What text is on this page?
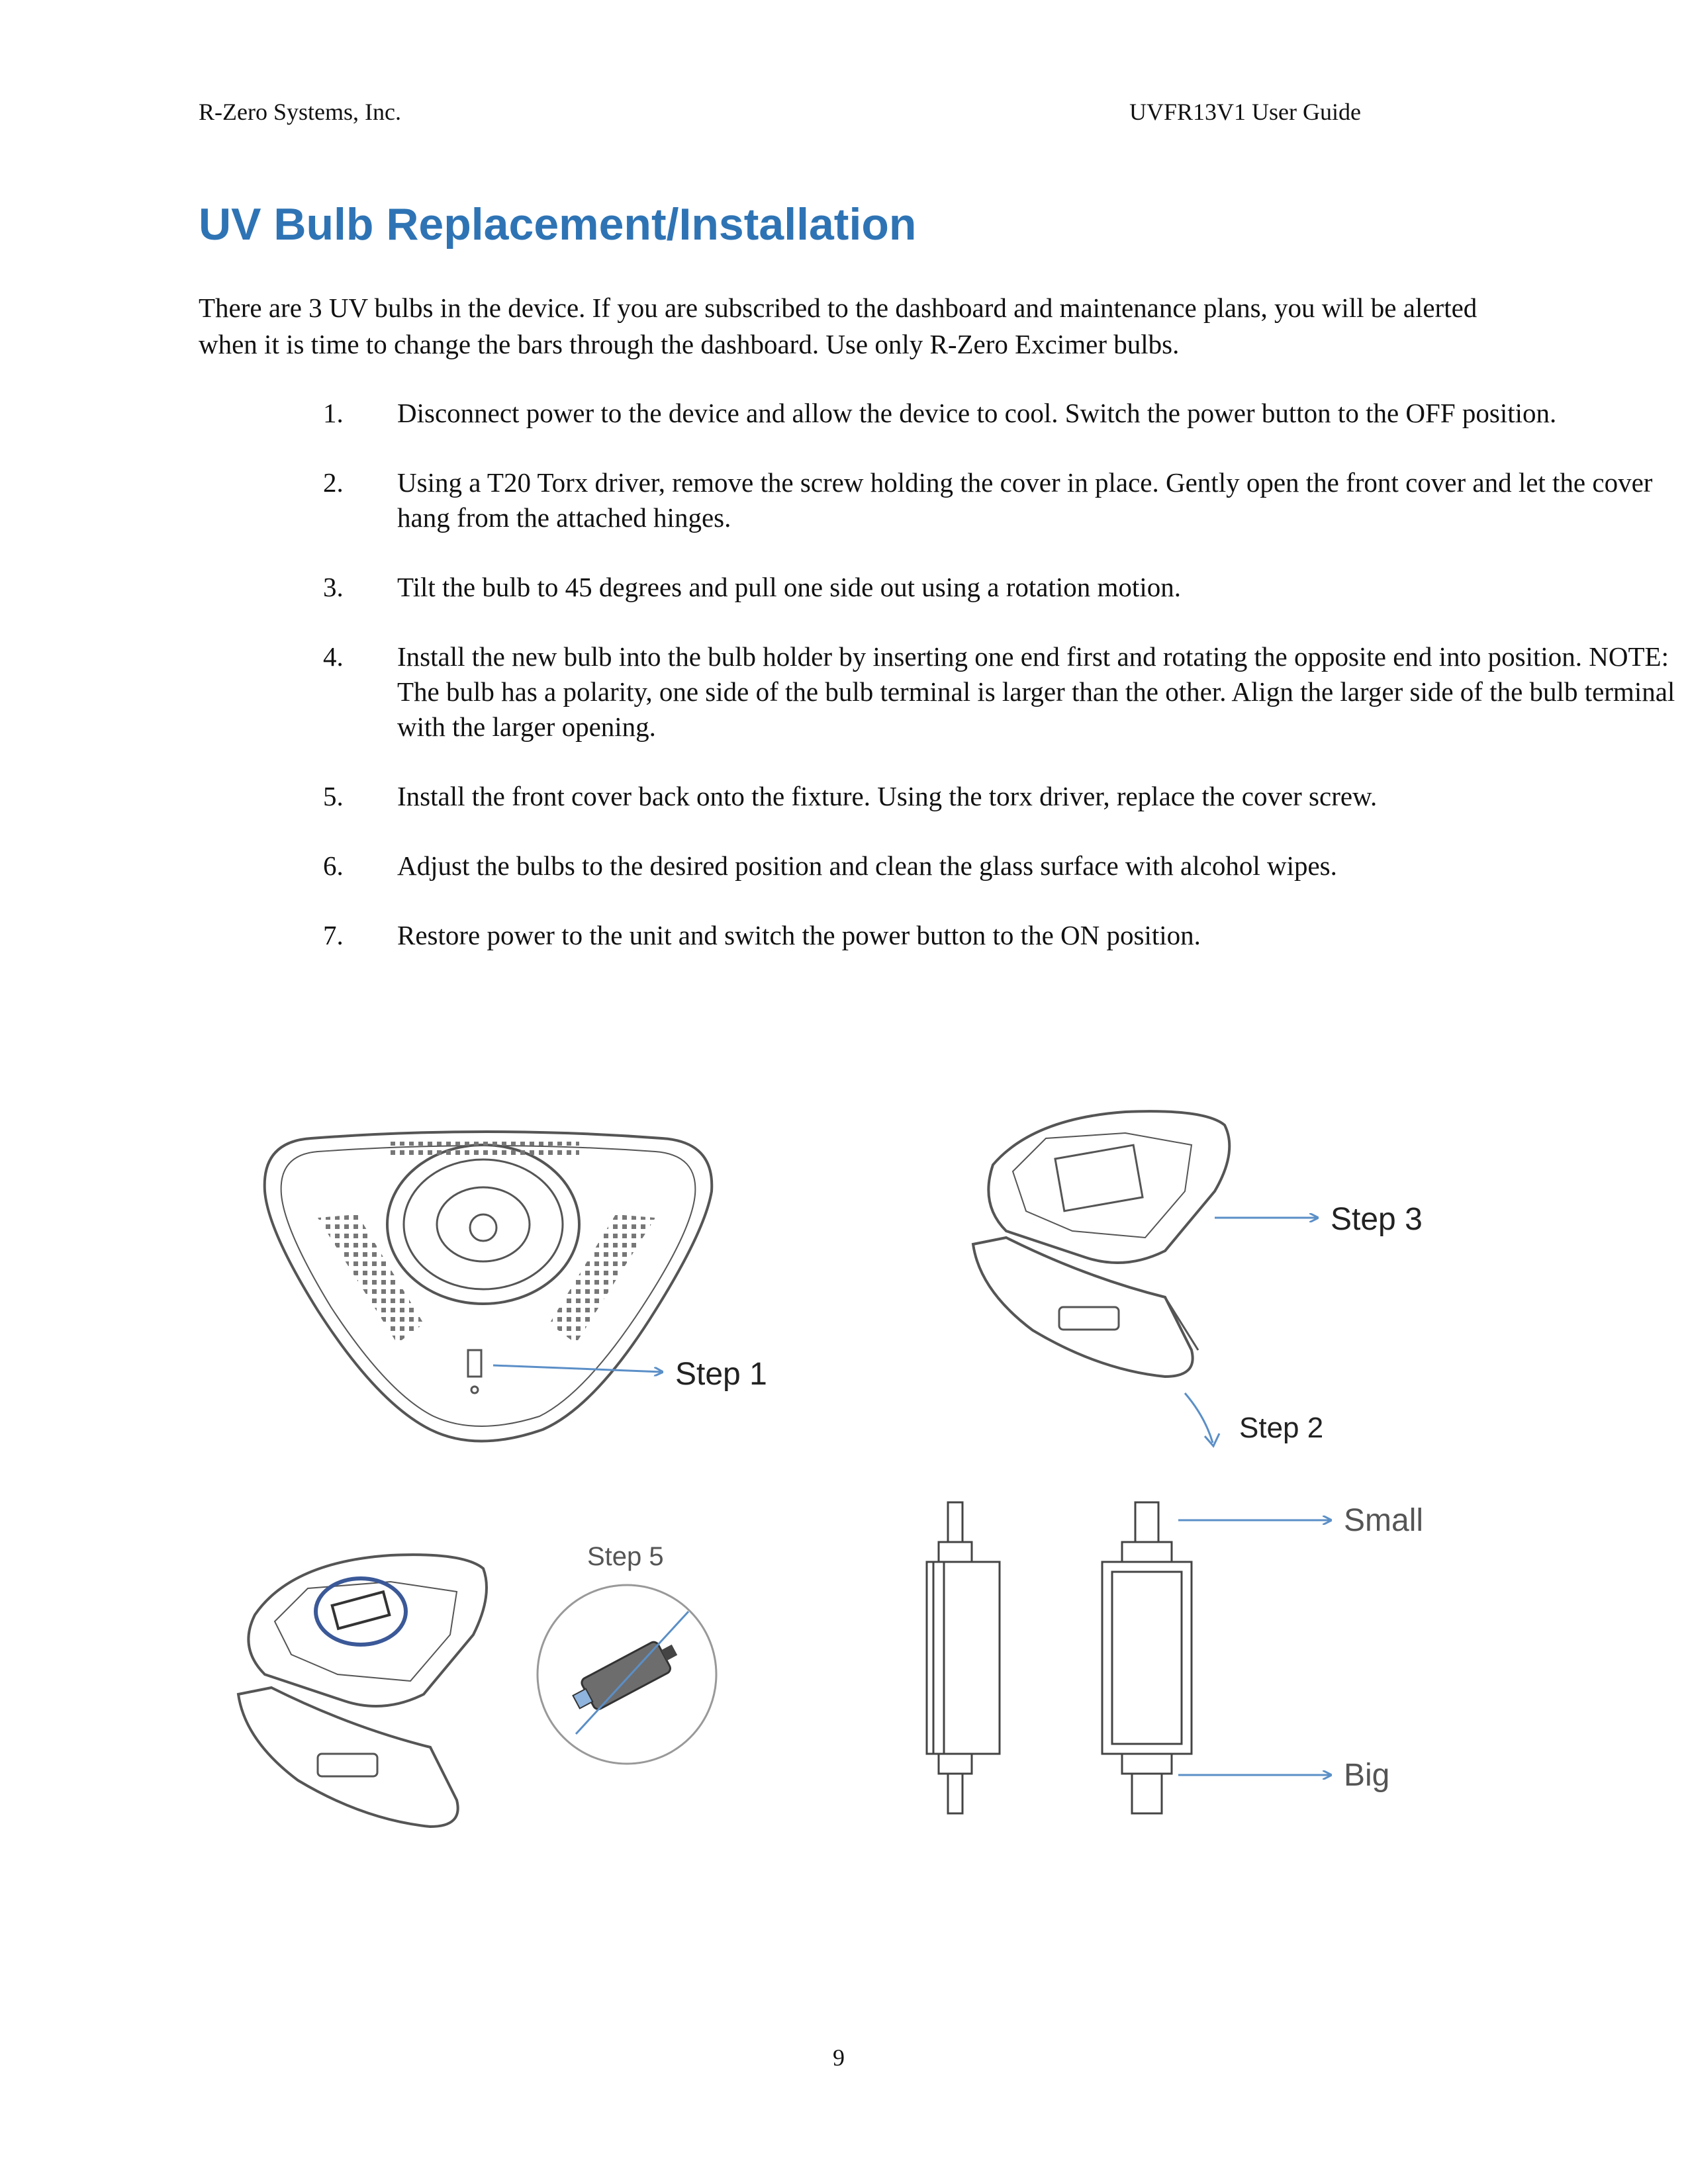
R-Zero Systems, Inc.	UVFR13V1 User Guide
UV Bulb Replacement/Installation

There are 3 UV bulbs in the device. If you are subscribed to the dashboard and maintenance plans, you will be alerted when it is time to change the bars through the dashboard. Use only R-Zero Excimer bulbs.

1. Disconnect power to the device and allow the device to cool. Switch the power button to the OFF position.
2. Using a T20 Torx driver, remove the screw holding the cover in place. Gently open the front cover and let the cover hang from the attached hinges.
3. Tilt the bulb to 45 degrees and pull one side out using a rotation motion.
4. Install the new bulb into the bulb holder by inserting one end first and rotating the opposite end into position. NOTE: The bulb has a polarity, one side of the bulb terminal is larger than the other. Align the larger side of the bulb terminal with the larger opening.
5. Install the front cover back onto the fixture. Using the torx driver, replace the cover screw.
6. Adjust the bulbs to the desired position and clean the glass surface with alcohol wipes.
7. Restore power to the unit and switch the power button to the ON position.
Step 1
Step 3
Step 2
Step 5
Small
Big
9
